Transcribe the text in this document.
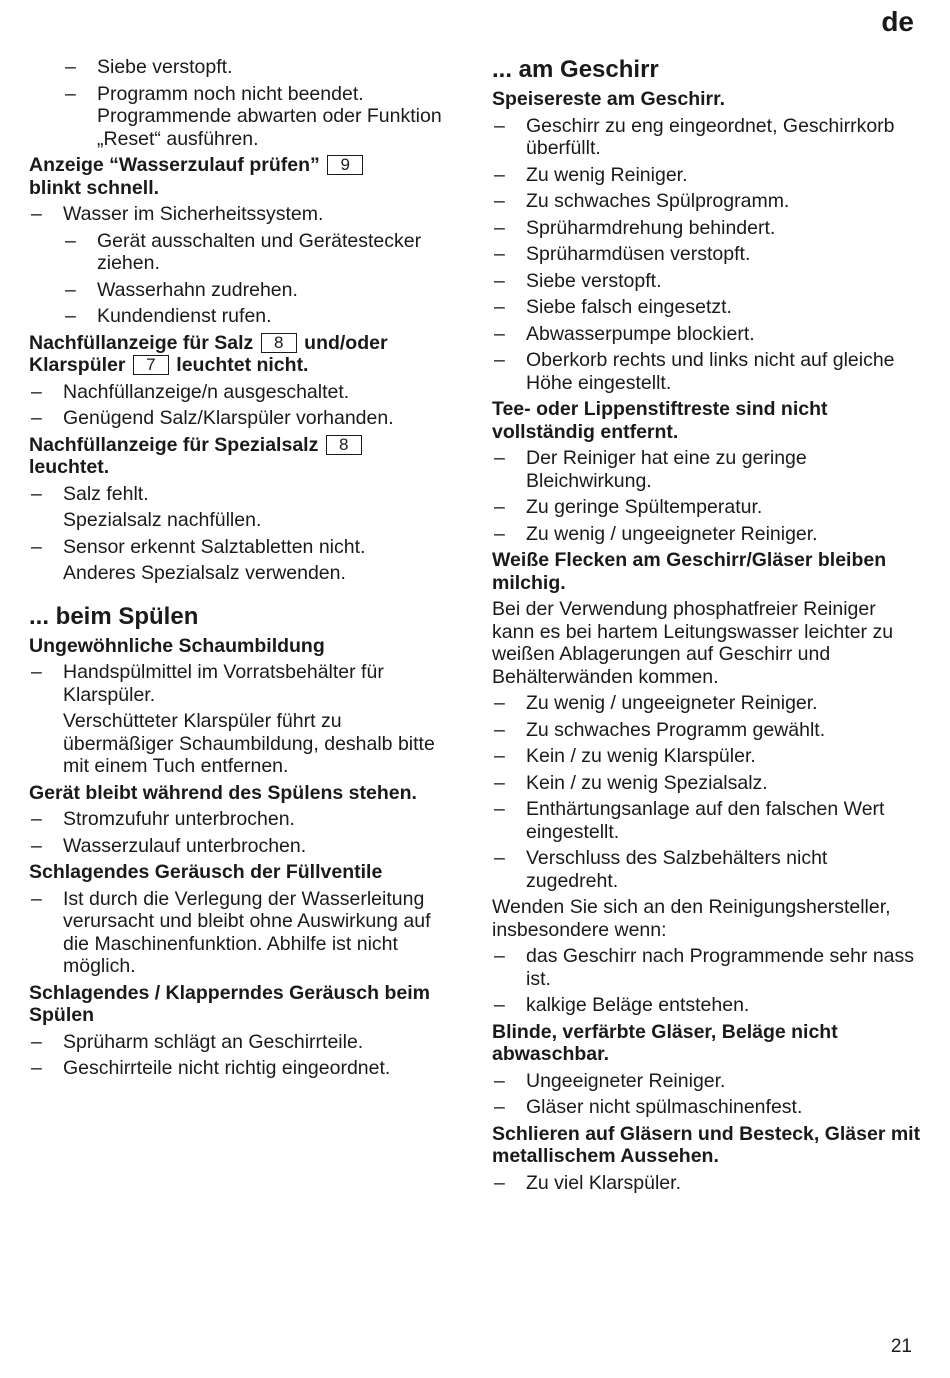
de
– Siebe verstopft.
– Programm noch nicht beendet. Programmende abwarten oder Funktion „Reset“ ausführen.
Anzeige “Wasserzulauf prüfen” 9
blinkt schnell.
– Wasser im Sicherheitssystem.
– Gerät ausschalten und Gerätestecker ziehen.
– Wasserhahn zudrehen.
– Kundendienst rufen.
Nachfüllanzeige für Salz 8 und/oder Klarspüler 7 leuchtet nicht.
– Nachfüllanzeige/n ausgeschaltet.
– Genügend Salz/Klarspüler vorhanden.
Nachfüllanzeige für Spezialsalz 8
leuchtet.
– Salz fehlt.
Spezialsalz nachfüllen.
– Sensor erkennt Salztabletten nicht.
Anderes Spezialsalz verwenden.
... beim Spülen
Ungewöhnliche Schaumbildung
– Handspülmittel im Vorratsbehälter für Klarspüler.
Verschütteter Klarspüler führt zu übermäßiger Schaumbildung, deshalb bitte mit einem Tuch entfernen.
Gerät bleibt während des Spülens stehen.
– Stromzufuhr unterbrochen.
– Wasserzulauf unterbrochen.
Schlagendes Geräusch der Füllventile
– Ist durch die Verlegung der Wasserleitung verursacht und bleibt ohne Auswirkung auf die Maschinenfunktion. Abhilfe ist nicht möglich.
Schlagendes / Klapperndes Geräusch beim Spülen
– Sprüharm schlägt an Geschirrteile.
– Geschirrteile nicht richtig eingeordnet.
... am Geschirr
Speisereste am Geschirr.
– Geschirr zu eng eingeordnet, Geschirrkorb überfüllt.
– Zu wenig Reiniger.
– Zu schwaches Spülprogramm.
– Sprüharmdrehung behindert.
– Sprüharmdüsen verstopft.
– Siebe verstopft.
– Siebe falsch eingesetzt.
– Abwasserpumpe blockiert.
– Oberkorb rechts und links nicht auf gleiche Höhe eingestellt.
Tee- oder Lippenstiftreste sind nicht vollständig entfernt.
– Der Reiniger hat eine zu geringe Bleichwirkung.
– Zu geringe Spültemperatur.
– Zu wenig / ungeeigneter Reiniger.
Weiße Flecken am Geschirr/Gläser bleiben milchig.
Bei der Verwendung phosphatfreier Reiniger kann es bei hartem Leitungswasser leichter zu weißen Ablagerungen auf Geschirr und Behälterwänden kommen.
– Zu wenig / ungeeigneter Reiniger.
– Zu schwaches Programm gewählt.
– Kein / zu wenig Klarspüler.
– Kein / zu wenig Spezialsalz.
– Enthärtungsanlage auf den falschen Wert eingestellt.
– Verschluss des Salzbehälters nicht zugedreht.
Wenden Sie sich an den Reinigungshersteller, insbesondere wenn:
– das Geschirr nach Programmende sehr nass ist.
– kalkige Beläge entstehen.
Blinde, verfärbte Gläser, Beläge nicht abwaschbar.
– Ungeeigneter Reiniger.
– Gläser nicht spülmaschinenfest.
Schlieren auf Gläsern und Besteck, Gläser mit metallischem Aussehen.
– Zu viel Klarspüler.
21
